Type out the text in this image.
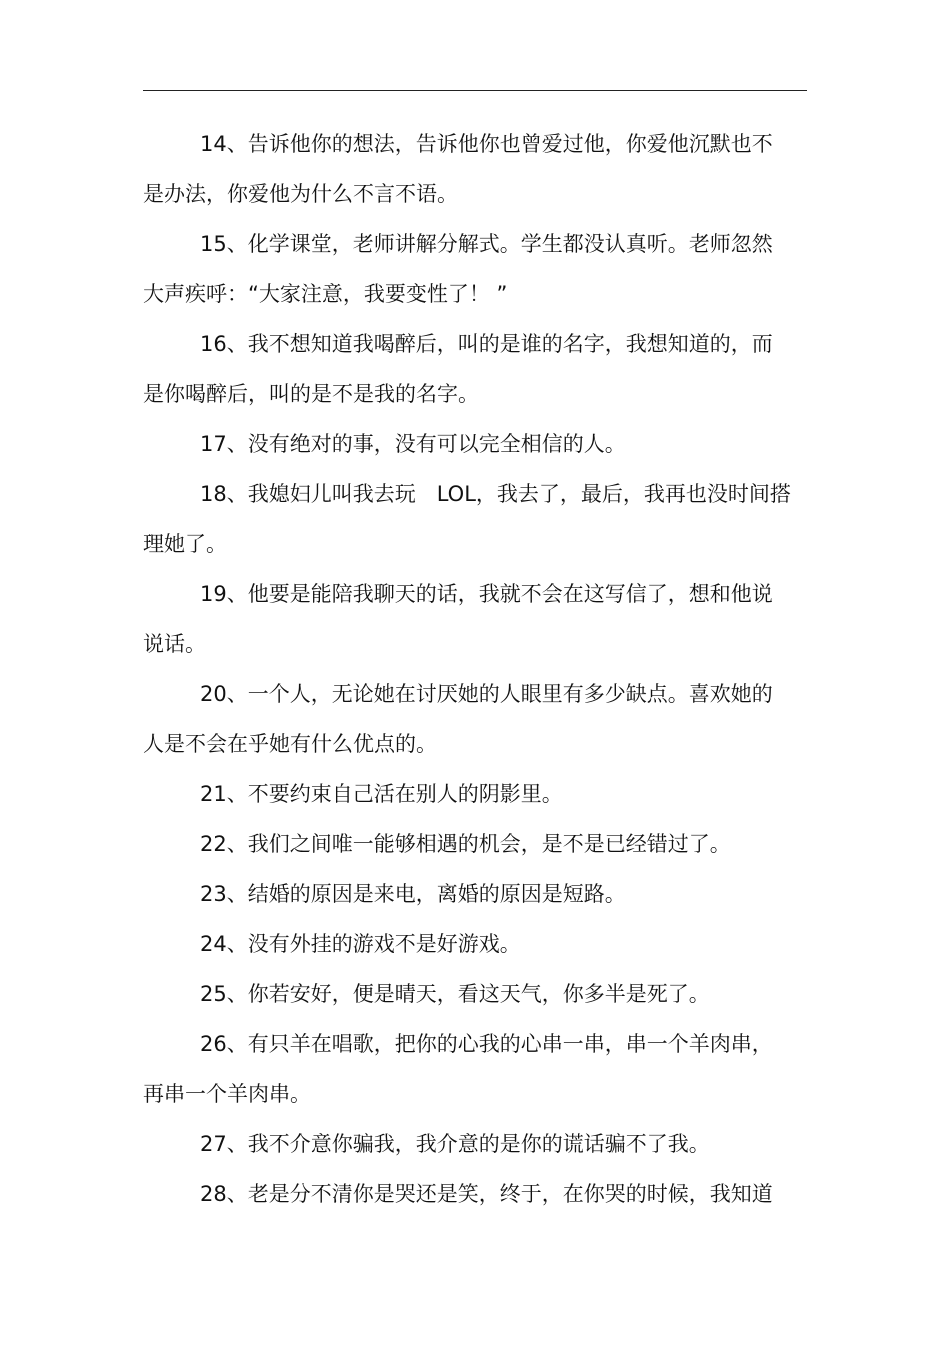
14、告诉他你的想法，告诉他你也曾爱过他，你爱他沉默也不
是办法，你爱他为什么不言不语。

15、化学课堂，老师讲解分解式。学生都没认真听。老师忽然
大声疾呼：“大家注意，我要变性了！ ”

16、我不想知道我喝醉后，叫的是谁的名字，我想知道的，而
是你喝醉后，叫的是不是我的名字。

17、没有绝对的事，没有可以完全相信的人。

18、我媳妇儿叫我去玩　LOL，我去了，最后，我再也没时间搭
理她了。

19、他要是能陪我聊天的话，我就不会在这写信了，想和他说
说话。

20、一个人，无论她在讨厌她的人眼里有多少缺点。喜欢她的
人是不会在乎她有什么优点的。

21、不要约束自己活在别人的阴影里。

22、我们之间唯一能够相遇的机会，是不是已经错过了。

23、结婚的原因是来电，离婚的原因是短路。

24、没有外挂的游戏不是好游戏。

25、你若安好，便是晴天，看这天气，你多半是死了。

26、有只羊在唱歌，把你的心我的心串一串，串一个羊肉串，
再串一个羊肉串。

27、我不介意你骗我，我介意的是你的谎话骗不了我。

28、老是分不清你是哭还是笑，终于，在你哭的时候，我知道
